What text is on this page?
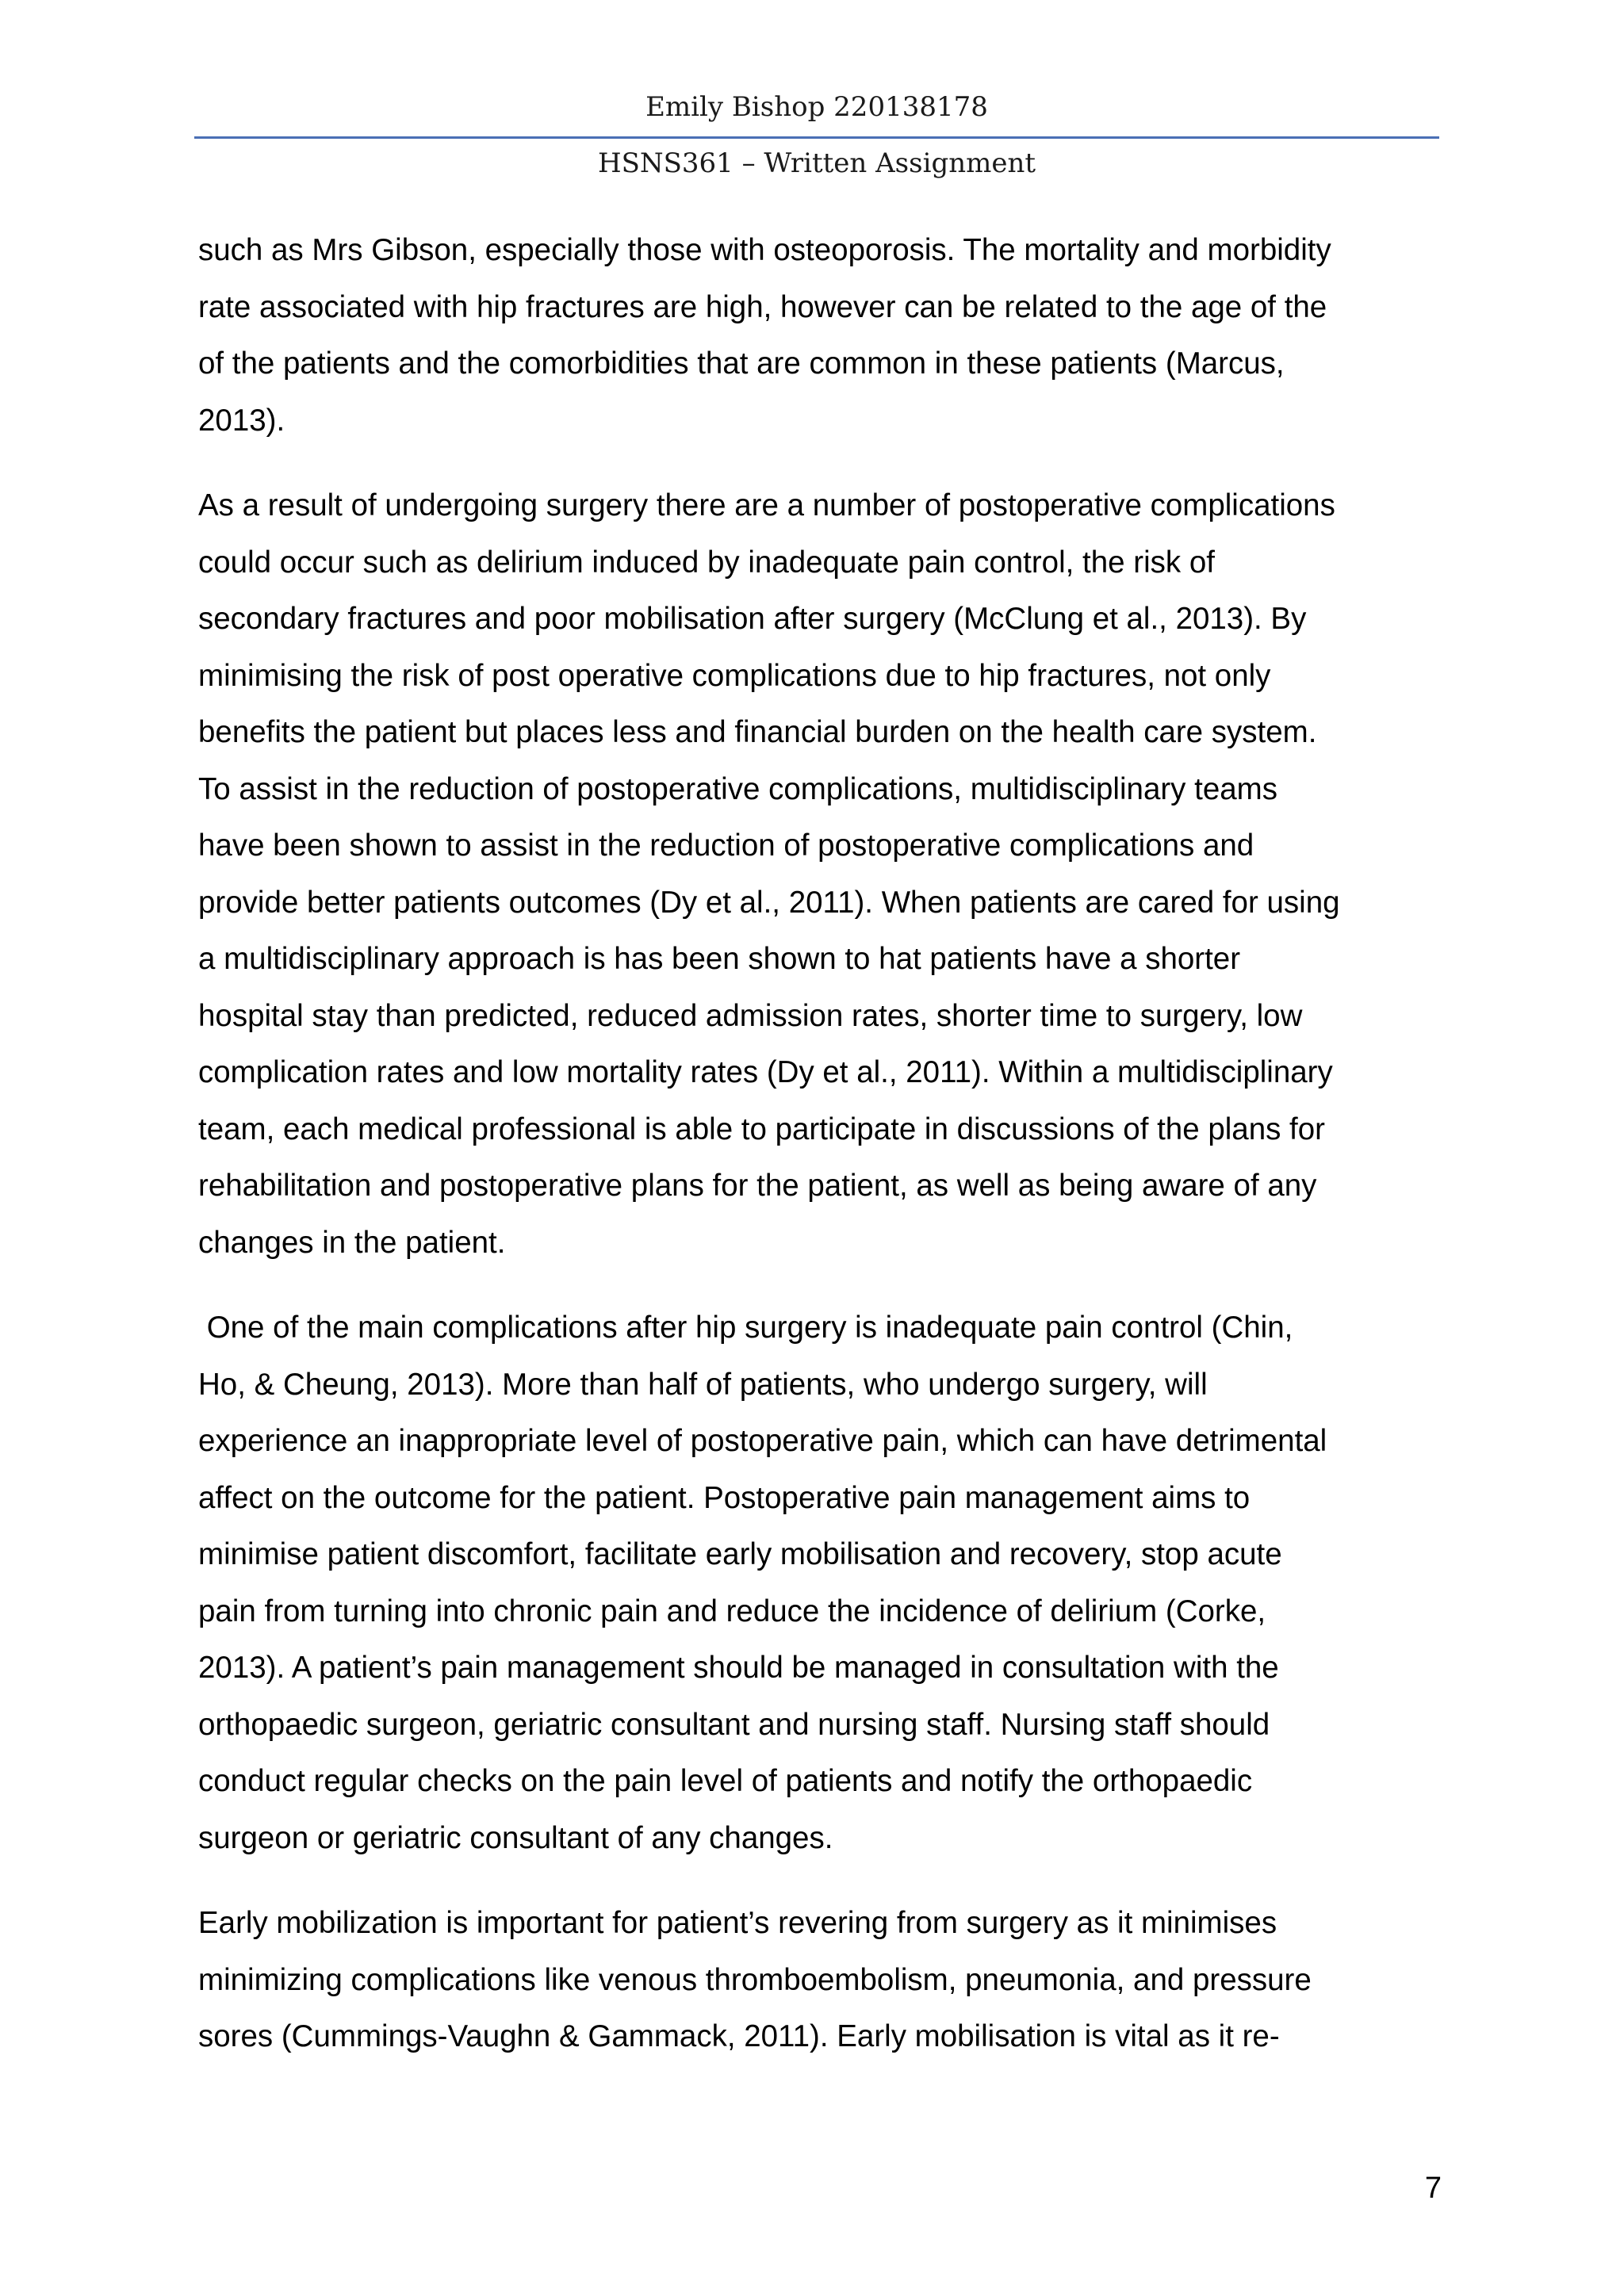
Emily Bishop 220138178
HSNS361 – Written Assignment

such as Mrs Gibson, especially those with osteoporosis. The mortality and morbidity
rate associated with hip fractures are high, however can be related to the age of the
of the patients and the comorbidities that are common in these patients (Marcus,
2013).

As a result of undergoing surgery there are a number of postoperative complications
could occur such as delirium induced by inadequate pain control, the risk of
secondary fractures and poor mobilisation after surgery (McClung et al., 2013). By
minimising the risk of post operative complications due to hip fractures, not only
benefits the patient but places less and financial burden on the health care system.
To assist in the reduction of postoperative complications, multidisciplinary teams
have been shown to assist in the reduction of postoperative complications and
provide better patients outcomes (Dy et al., 2011). When patients are cared for using
a multidisciplinary approach is has been shown to hat patients have a shorter
hospital stay than predicted, reduced admission rates, shorter time to surgery, low
complication rates and low mortality rates (Dy et al., 2011). Within a multidisciplinary
team, each medical professional is able to participate in discussions of the plans for
rehabilitation and postoperative plans for the patient, as well as being aware of any
changes in the patient.

One of the main complications after hip surgery is inadequate pain control (Chin,
Ho, & Cheung, 2013). More than half of patients, who undergo surgery, will
experience an inappropriate level of postoperative pain, which can have detrimental
affect on the outcome for the patient. Postoperative pain management aims to
minimise patient discomfort, facilitate early mobilisation and recovery, stop acute
pain from turning into chronic pain and reduce the incidence of delirium (Corke,
2013). A patient’s pain management should be managed in consultation with the
orthopaedic surgeon, geriatric consultant and nursing staff. Nursing staff should
conduct regular checks on the pain level of patients and notify the orthopaedic
surgeon or geriatric consultant of any changes.

Early mobilization is important for patient’s revering from surgery as it minimises
minimizing complications like venous thromboembolism, pneumonia, and pressure
sores (Cummings-Vaughn & Gammack, 2011). Early mobilisation is vital as it re-

7
